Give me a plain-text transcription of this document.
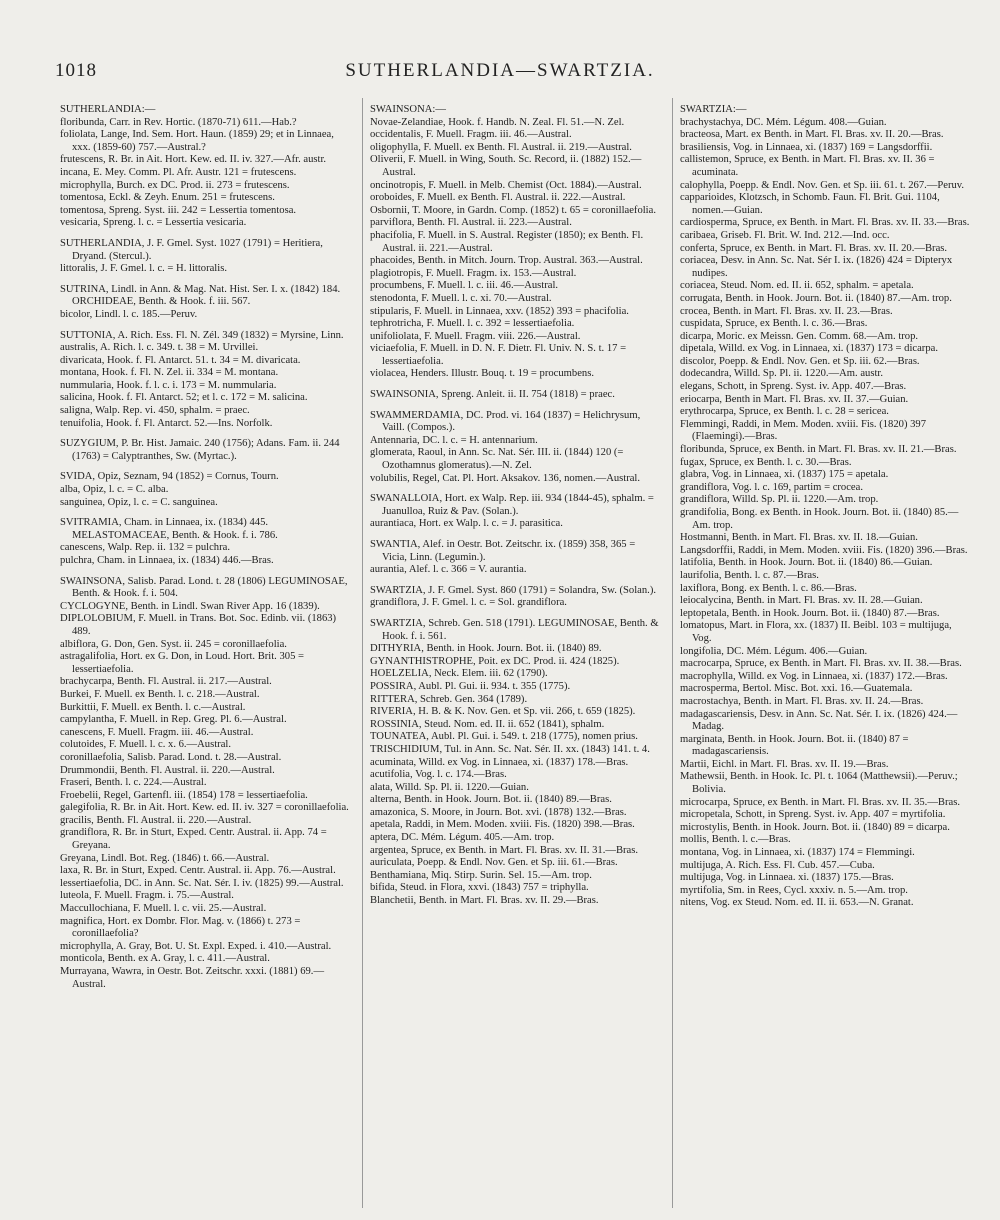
1018	SUTHERLANDIA—SWARTZIA.

SUTHERLANDIA:—

floribunda, Carr. in Rev. Hortic. (1870-71) 611.—Hab.?

foliolata, Lange, Ind. Sem. Hort. Haun. (1859) 29; et in Linnaea, xxx. (1859-60) 757.—Austral.?

frutescens, R. Br. in Ait. Hort. Kew. ed. II. iv. 327.—Afr. austr.

incana, E. Mey. Comm. Pl. Afr. Austr. 121 = frutescens.

microphylla, Burch. ex DC. Prod. ii. 273 = frutescens.

tomentosa, Eckl. & Zeyh. Enum. 251 = frutescens.

tomentosa, Spreng. Syst. iii. 242 = Lessertia tomentosa.

vesicaria, Spreng. l. c. = Lessertia vesicaria.

SUTHERLANDIA, J. F. Gmel. Syst. 1027 (1791) = Heritiera, Dryand. (Stercul.).

littoralis, J. F. Gmel. l. c. = H. littoralis.

SUTRINA, Lindl. in Ann. & Mag. Nat. Hist. Ser. I. x. (1842) 184. ORCHIDEAE, Benth. & Hook. f. iii. 567.

bicolor, Lindl. l. c. 185.—Peruv.

SUTTONIA, A. Rich. Ess. Fl. N. Zél. 349 (1832) = Myrsine, Linn.

australis, A. Rich. l. c. 349. t. 38 = M. Urvillei.

divaricata, Hook. f. Fl. Antarct. 51. t. 34 = M. divaricata.

montana, Hook. f. Fl. N. Zel. ii. 334 = M. montana.

nummularia, Hook. f. l. c. i. 173 = M. nummularia.

salicina, Hook. f. Fl. Antarct. 52; et l. c. 172 = M. salicina.

saligna, Walp. Rep. vi. 450, sphalm. = praec.

tenuifolia, Hook. f. Fl. Antarct. 52.—Ins. Norfolk.

SUZYGIUM, P. Br. Hist. Jamaic. 240 (1756); Adans. Fam. ii. 244 (1763) = Calyptranthes, Sw. (Myrtac.).

SVIDA, Opiz, Seznam, 94 (1852) = Cornus, Tourn.

alba, Opiz, l. c. = C. alba.

sanguinea, Opiz, l. c. = C. sanguinea.

SVITRAMIA, Cham. in Linnaea, ix. (1834) 445. MELASTOMACEAE, Benth. & Hook. f. i. 786.

canescens, Walp. Rep. ii. 132 = pulchra.

pulchra, Cham. in Linnaea, ix. (1834) 446.—Bras.

SWAINSONA, Salisb. Parad. Lond. t. 28 (1806) LEGUMINOSAE, Benth. & Hook. f. i. 504.

CYCLOGYNE, Benth. in Lindl. Swan River App. 16 (1839).

DIPLOLOBIUM, F. Muell. in Trans. Bot. Soc. Edinb. vii. (1863) 489.

albiflora, G. Don, Gen. Syst. ii. 245 = coronillaefolia.

astragalifolia, Hort. ex G. Don, in Loud. Hort. Brit. 305 = lessertiaefolia.

brachycarpa, Benth. Fl. Austral. ii. 217.—Austral.

Burkei, F. Muell. ex Benth. l. c. 218.—Austral.

Burkittii, F. Muell. ex Benth. l. c.—Austral.

campylantha, F. Muell. in Rep. Greg. Pl. 6.—Austral.

canescens, F. Muell. Fragm. iii. 46.—Austral.

colutoides, F. Muell. l. c. x. 6.—Austral.

coronillaefolia, Salisb. Parad. Lond. t. 28.—Austral.

Drummondii, Benth. Fl. Austral. ii. 220.—Austral.

Fraseri, Benth. l. c. 224.—Austral.

Froebelii, Regel, Gartenfl. iii. (1854) 178 = lessertiaefolia.

galegifolia, R. Br. in Ait. Hort. Kew. ed. II. iv. 327 = coronillaefolia.

gracilis, Benth. Fl. Austral. ii. 220.—Austral.

grandiflora, R. Br. in Sturt, Exped. Centr. Austral. ii. App. 74 = Greyana.

Greyana, Lindl. Bot. Reg. (1846) t. 66.—Austral.

laxa, R. Br. in Sturt, Exped. Centr. Austral. ii. App. 76.—Austral.

lessertiaefolia, DC. in Ann. Sc. Nat. Sér. I. iv. (1825) 99.—Austral.

luteola, F. Muell. Fragm. i. 75.—Austral.

Maccullochiana, F. Muell. l. c. vii. 25.—Austral.

magnifica, Hort. ex Dombr. Flor. Mag. v. (1866) t. 273 = coronillaefolia?

microphylla, A. Gray, Bot. U. St. Expl. Exped. i. 410.—Austral.

monticola, Benth. ex A. Gray, l. c. 411.—Austral.

Murrayana, Wawra, in Oestr. Bot. Zeitschr. xxxi. (1881) 69.—Austral.

SWAINSONA:—

Novae-Zelandiae, Hook. f. Handb. N. Zeal. Fl. 51.—N. Zel.

occidentalis, F. Muell. Fragm. iii. 46.—Austral.

oligophylla, F. Muell. ex Benth. Fl. Austral. ii. 219.—Austral.

Oliverii, F. Muell. in Wing, South. Sc. Record, ii. (1882) 152.—Austral.

oncinotropis, F. Muell. in Melb. Chemist (Oct. 1884).—Austral.

oroboides, F. Muell. ex Benth. Fl. Austral. ii. 222.—Austral.

Osbornii, T. Moore, in Gardn. Comp. (1852) t. 65 = coronillaefolia.

parviflora, Benth. Fl. Austral. ii. 223.—Austral.

phacifolia, F. Muell. in S. Austral. Register (1850); ex Benth. Fl. Austral. ii. 221.—Austral.

phacoides, Benth. in Mitch. Journ. Trop. Austral. 363.—Austral.

plagiotropis, F. Muell. Fragm. ix. 153.—Austral.

procumbens, F. Muell. l. c. iii. 46.—Austral.

stenodonta, F. Muell. l. c. xi. 70.—Austral.

stipularis, F. Muell. in Linnaea, xxv. (1852) 393 = phacifolia.

tephrotricha, F. Muell. l. c. 392 = lessertiaefolia.

unifoliolata, F. Muell. Fragm. viii. 226.—Austral.

viciaefolia, F. Muell. in D. N. F. Dietr. Fl. Univ. N. S. t. 17 = lessertiaefolia.

violacea, Henders. Illustr. Bouq. t. 19 = procumbens.

SWAINSONIA, Spreng. Anleit. ii. II. 754 (1818) = praec.

SWAMMERDAMIA, DC. Prod. vi. 164 (1837) = Helichrysum, Vaill. (Compos.).

Antennaria, DC. l. c. = H. antennarium.

glomerata, Raoul, in Ann. Sc. Nat. Sér. III. ii. (1844) 120 (= Ozothamnus glomeratus).—N. Zel.

volubilis, Regel, Cat. Pl. Hort. Aksakov. 136, nomen.—Austral.

SWANALLOIA, Hort. ex Walp. Rep. iii. 934 (1844-45), sphalm. = Juanulloa, Ruiz & Pav. (Solan.).

aurantiaca, Hort. ex Walp. l. c. = J. parasitica.

SWANTIA, Alef. in Oestr. Bot. Zeitschr. ix. (1859) 358, 365 = Vicia, Linn. (Legumin.).

aurantia, Alef. l. c. 366 = V. aurantia.

SWARTZIA, J. F. Gmel. Syst. 860 (1791) = Solandra, Sw. (Solan.).

grandiflora, J. F. Gmel. l. c. = Sol. grandiflora.

SWARTZIA, Schreb. Gen. 518 (1791). LEGUMINOSAE, Benth. & Hook. f. i. 561.

DITHYRIA, Benth. in Hook. Journ. Bot. ii. (1840) 89.

GYNANTHISTROPHE, Poit. ex DC. Prod. ii. 424 (1825).

HOELZELIA, Neck. Elem. iii. 62 (1790).

POSSIRA, Aubl. Pl. Gui. ii. 934. t. 355 (1775).

RITTERA, Schreb. Gen. 364 (1789).

RIVERIA, H. B. & K. Nov. Gen. et Sp. vii. 266, t. 659 (1825).

ROSSINIA, Steud. Nom. ed. II. ii. 652 (1841), sphalm.

TOUNATEA, Aubl. Pl. Gui. i. 549. t. 218 (1775), nomen prius.

TRISCHIDIUM, Tul. in Ann. Sc. Nat. Sér. II. xx. (1843) 141. t. 4.

acuminata, Willd. ex Vog. in Linnaea, xi. (1837) 178.—Bras.

acutifolia, Vog. l. c. 174.—Bras.

alata, Willd. Sp. Pl. ii. 1220.—Guian.

alterna, Benth. in Hook. Journ. Bot. ii. (1840) 89.—Bras.

amazonica, S. Moore, in Journ. Bot. xvi. (1878) 132.—Bras.

apetala, Raddi, in Mem. Moden. xviii. Fis. (1820) 398.—Bras.

aptera, DC. Mém. Légum. 405.—Am. trop.

argentea, Spruce, ex Benth. in Mart. Fl. Bras. xv. II. 31.—Bras.

auriculata, Poepp. & Endl. Nov. Gen. et Sp. iii. 61.—Bras.

Benthamiana, Miq. Stirp. Surin. Sel. 15.—Am. trop.

bifida, Steud. in Flora, xxvi. (1843) 757 = triphylla.

Blanchetii, Benth. in Mart. Fl. Bras. xv. II. 29.—Bras.

SWARTZIA:—

brachystachya, DC. Mém. Légum. 408.—Guian.

bracteosa, Mart. ex Benth. in Mart. Fl. Bras. xv. II. 20.—Bras.

brasiliensis, Vog. in Linnaea, xi. (1837) 169 = Langsdorffii.

callistemon, Spruce, ex Benth. in Mart. Fl. Bras. xv. II. 36 = acuminata.

calophylla, Poepp. & Endl. Nov. Gen. et Sp. iii. 61. t. 267.—Peruv.

capparioides, Klotzsch, in Schomb. Faun. Fl. Brit. Gui. 1104, nomen.—Guian.

cardiosperma, Spruce, ex Benth. in Mart. Fl. Bras. xv. II. 33.—Bras.

caribaea, Griseb. Fl. Brit. W. Ind. 212.—Ind. occ.

conferta, Spruce, ex Benth. in Mart. Fl. Bras. xv. II. 20.—Bras.

coriacea, Desv. in Ann. Sc. Nat. Sér I. ix. (1826) 424 = Dipteryx nudipes.

coriacea, Steud. Nom. ed. II. ii. 652, sphalm. = apetala.

corrugata, Benth. in Hook. Journ. Bot. ii. (1840) 87.—Am. trop.

crocea, Benth. in Mart. Fl. Bras. xv. II. 23.—Bras.

cuspidata, Spruce, ex Benth. l. c. 36.—Bras.

dicarpa, Moric. ex Meissn. Gen. Comm. 68.—Am. trop.

dipetala, Willd. ex Vog. in Linnaea, xi. (1837) 173 = dicarpa.

discolor, Poepp. & Endl. Nov. Gen. et Sp. iii. 62.—Bras.

dodecandra, Willd. Sp. Pl. ii. 1220.—Am. austr.

elegans, Schott, in Spreng. Syst. iv. App. 407.—Bras.

eriocarpa, Benth in Mart. Fl. Bras. xv. II. 37.—Guian.

erythrocarpa, Spruce, ex Benth. l. c. 28 = sericea.

Flemmingi, Raddi, in Mem. Moden. xviii. Fis. (1820) 397 (Flaemingi).—Bras.

floribunda, Spruce, ex Benth. in Mart. Fl. Bras. xv. II. 21.—Bras.

fugax, Spruce, ex Benth. l. c. 30.—Bras.

glabra, Vog. in Linnaea, xi. (1837) 175 = apetala.

grandiflora, Vog. l. c. 169, partim = crocea.

grandiflora, Willd. Sp. Pl. ii. 1220.—Am. trop.

grandifolia, Bong. ex Benth. in Hook. Journ. Bot. ii. (1840) 85.—Am. trop.

Hostmanni, Benth. in Mart. Fl. Bras. xv. II. 18.—Guian.

Langsdorffii, Raddi, in Mem. Moden. xviii. Fis. (1820) 396.—Bras.

latifolia, Benth. in Hook. Journ. Bot. ii. (1840) 86.—Guian.

laurifolia, Benth. l. c. 87.—Bras.

laxiflora, Bong. ex Benth. l. c. 86.—Bras.

leiocalycina, Benth. in Mart. Fl. Bras. xv. II. 28.—Guian.

leptopetala, Benth. in Hook. Journ. Bot. ii. (1840) 87.—Bras.

lomatopus, Mart. in Flora, xx. (1837) II. Beibl. 103 = multijuga, Vog.

longifolia, DC. Mém. Légum. 406.—Guian.

macrocarpa, Spruce, ex Benth. in Mart. Fl. Bras. xv. II. 38.—Bras.

macrophylla, Willd. ex Vog. in Linnaea, xi. (1837) 172.—Bras.

macrosperma, Bertol. Misc. Bot. xxi. 16.—Guatemala.

macrostachya, Benth. in Mart. Fl. Bras. xv. II. 24.—Bras.

madagascariensis, Desv. in Ann. Sc. Nat. Sér. I. ix. (1826) 424.—Madag.

marginata, Benth. in Hook. Journ. Bot. ii. (1840) 87 = madagascariensis.

Martii, Eichl. in Mart. Fl. Bras. xv. II. 19.—Bras.

Mathewsii, Benth. in Hook. Ic. Pl. t. 1064 (Matthewsii).—Peruv.; Bolivia.

microcarpa, Spruce, ex Benth. in Mart. Fl. Bras. xv. II. 35.—Bras.

micropetala, Schott, in Spreng. Syst. iv. App. 407 = myrtifolia.

microstylis, Benth. in Hook. Journ. Bot. ii. (1840) 89 = dicarpa.

mollis, Benth. l. c.—Bras.

montana, Vog. in Linnaea, xi. (1837) 174 = Flemmingi.

multijuga, A. Rich. Ess. Fl. Cub. 457.—Cuba.

multijuga, Vog. in Linnaea. xi. (1837) 175.—Bras.

myrtifolia, Sm. in Rees, Cycl. xxxiv. n. 5.—Am. trop.

nitens, Vog. ex Steud. Nom. ed. II. ii. 653.—N. Granat.
